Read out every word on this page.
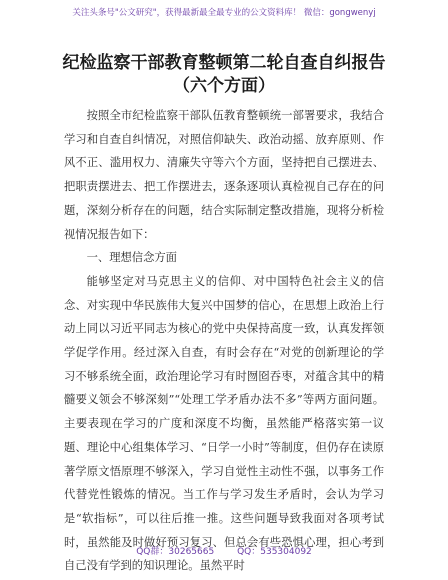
关注头条号"公文研究"，获得最新最全最专业的公文资料库！ 微信：gongwenyj
纪检监察干部教育整顿第二轮自查自纠报告
（六个方面）

按照全市纪检监察干部队伍教育整顿统一部署要求，我结合学习和自查自纠情况，对照信仰缺失、政治动摇、放弃原则、作风不正、滥用权力、清廉失守等六个方面，坚持把自己摆进去、把职责摆进去、把工作摆进去，逐条逐项认真检视自己存在的问题，深刻分析存在的问题，结合实际制定整改措施，现将分析检视情况报告如下：

一、理想信念方面

能够坚定对马克思主义的信仰、对中国特色社会主义的信念、对实现中华民族伟大复兴中国梦的信心，在思想上政治上行动上同以习近平同志为核心的党中央保持高度一致，认真发挥领学促学作用。经过深入自查，有时会存在“对党的创新理论的学习不够系统全面，政治理论学习有时囫囵吞枣，对蕴含其中的精髓要义领会不够深刻”“处理工学矛盾办法不多”等两方面问题。主要表现在学习的广度和深度不均衡，虽然能严格落实第一议题、理论中心组集体学习、“日学一小时”等制度，但仍存在读原著学原文悟原理不够深入，学习自觉性主动性不强，以事务工作代替党性锻炼的情况。当工作与学习发生矛盾时，会认为学习是“软指标”，可以往后推一推。这些问题导致我面对各项考试时，虽然能及时做好预习复习、但总会有些恐惧心理，担心考到自己没有学到的知识理论。虽然平时

QQ群：30265665	QQ：535304092
